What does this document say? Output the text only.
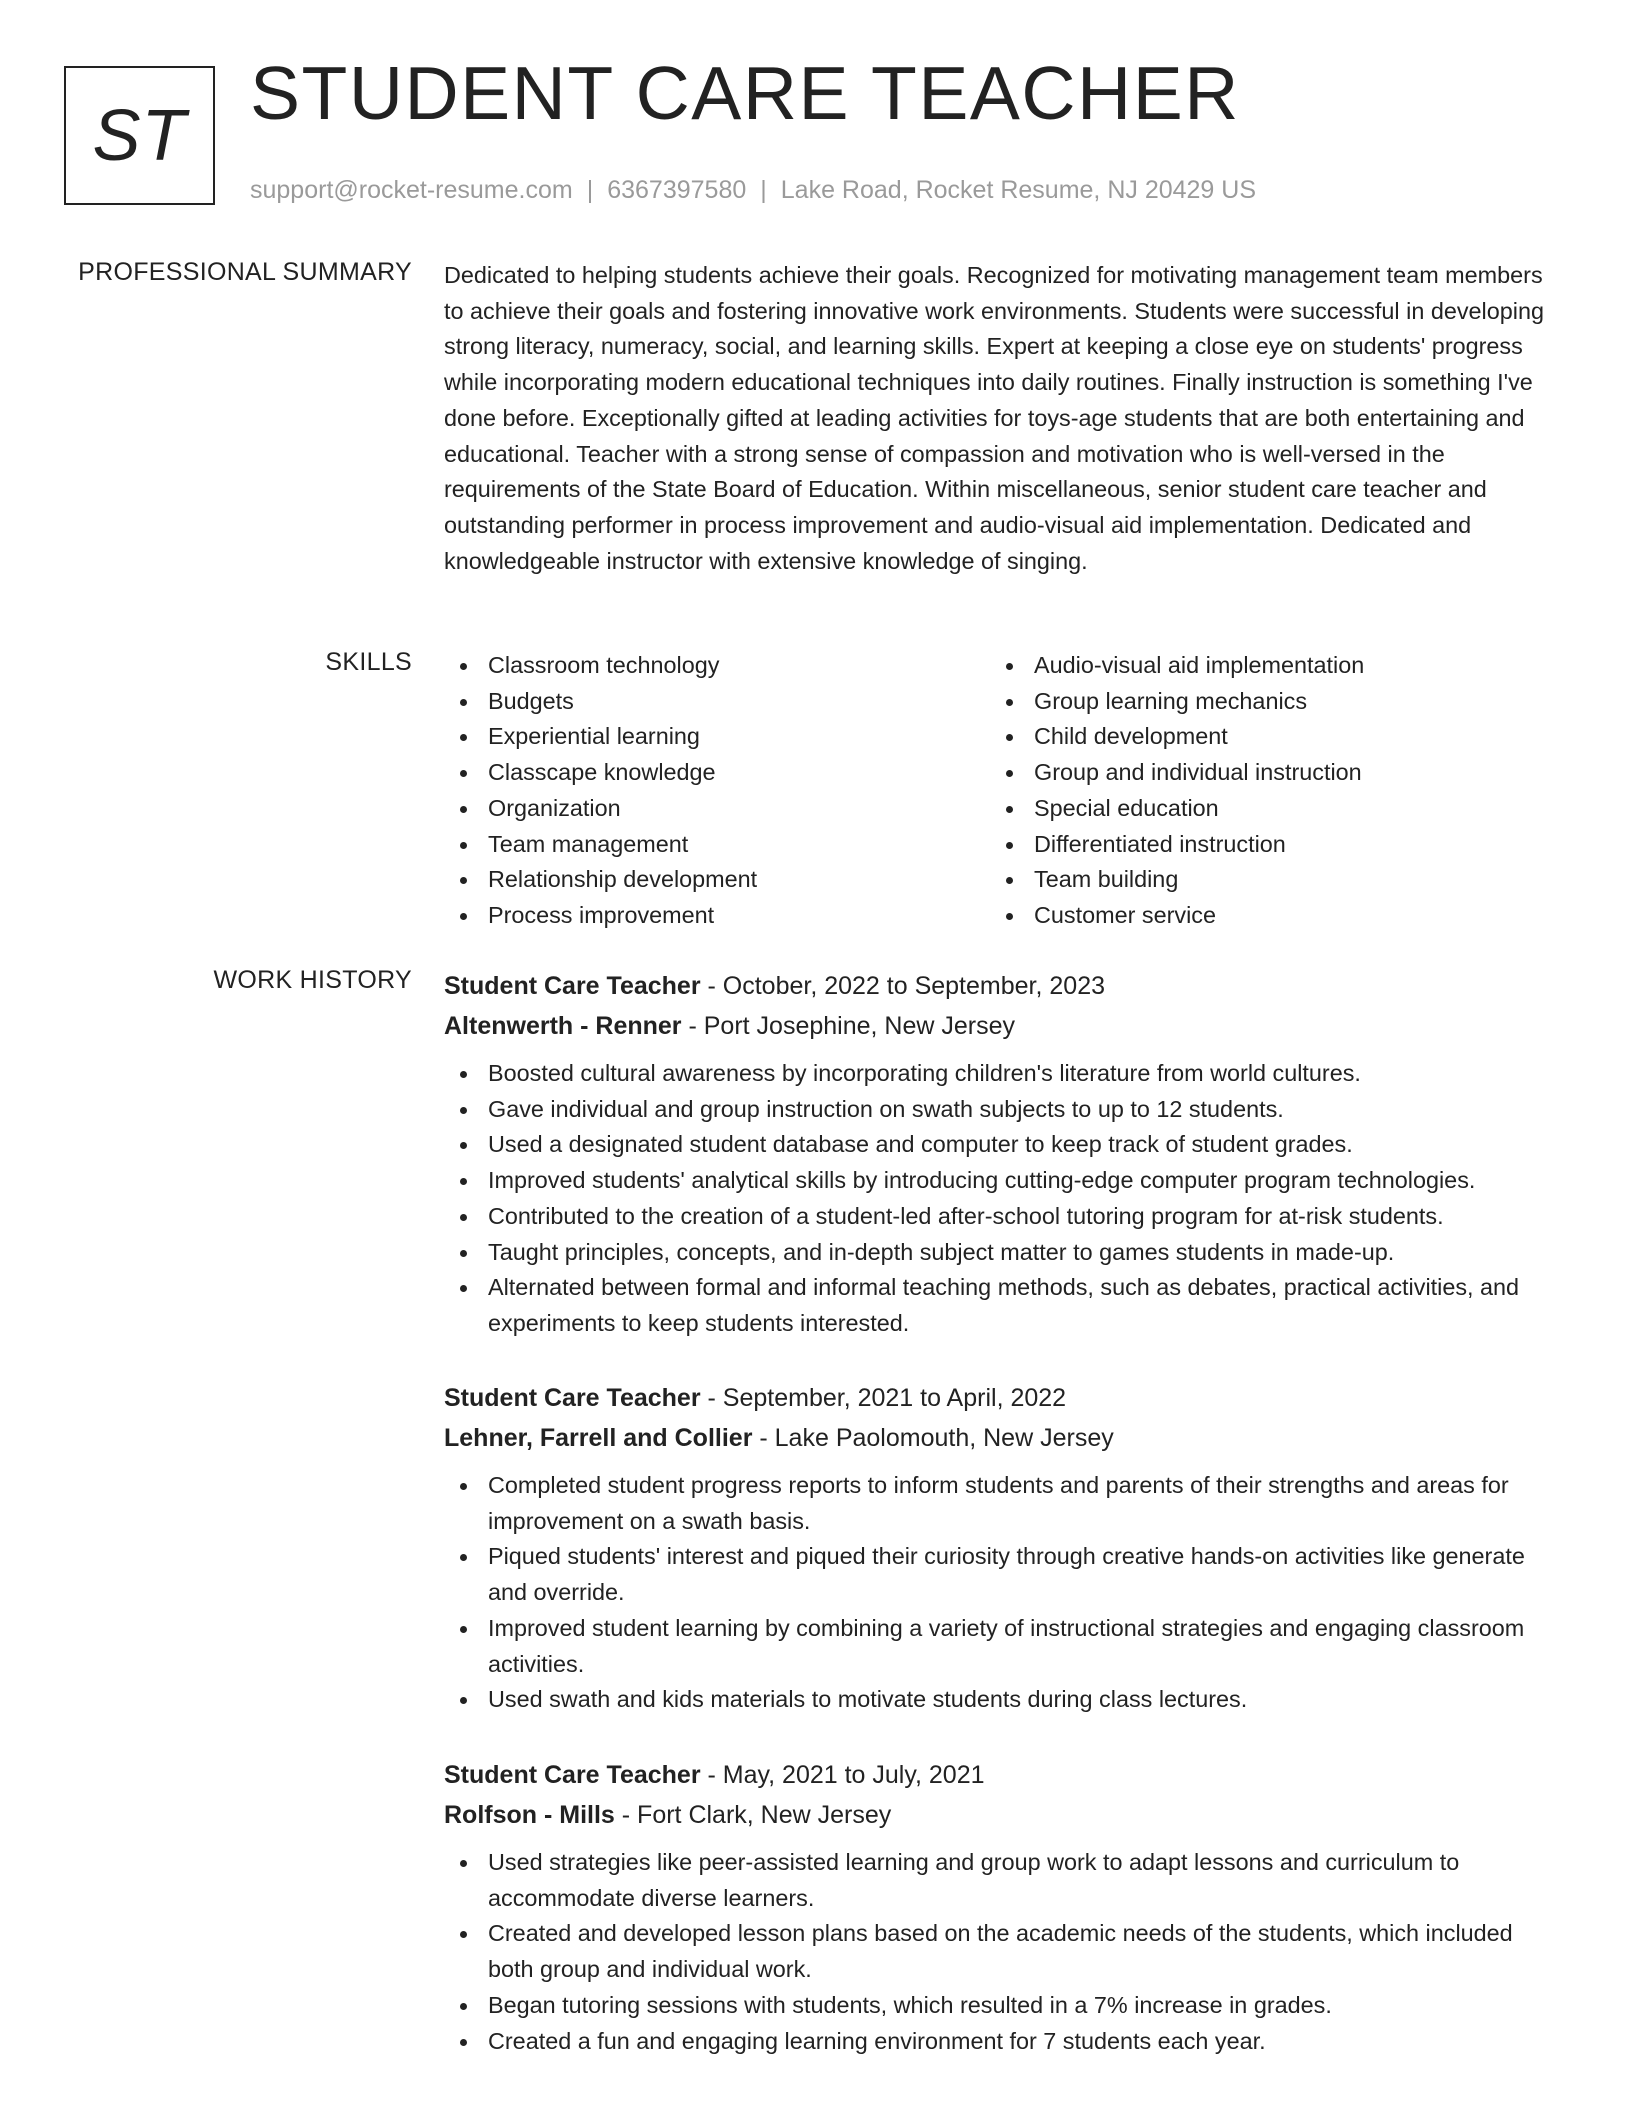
ST
STUDENT CARE TEACHER
support@rocket-resume.com | 6367397580 | Lake Road, Rocket Resume, NJ 20429 US
PROFESSIONAL SUMMARY Dedicated to helping students achieve their goals. Recognized for motivating management team members to achieve their goals and fostering innovative work environments. Students were successful in developing strong literacy, numeracy, social, and learning skills. Expert at keeping a close eye on students' progress while incorporating modern educational techniques into daily routines. Finally instruction is something I've done before. Exceptionally gifted at leading activities for toys-age students that are both entertaining and educational. Teacher with a strong sense of compassion and motivation who is well-versed in the requirements of the State Board of Education. Within miscellaneous, senior student care teacher and outstanding performer in process improvement and audio-visual aid implementation. Dedicated and knowledgeable instructor with extensive knowledge of singing.
SKILLS	Classroom technology
Budgets
Experiential learning
Classcape knowledge
Organization
Team management
Relationship development
Process improvement
Audio-visual aid implementation
Group learning mechanics
Child development
Group and individual instruction
Special education
Differentiated instruction
Team building
Customer service
WORK HISTORY Student Care Teacher - October, 2022 to September, 2023
Altenwerth - Renner - Port Josephine, New Jersey
Boosted cultural awareness by incorporating children's literature from world cultures.
Gave individual and group instruction on swath subjects to up to 12 students.
Used a designated student database and computer to keep track of student grades.
Improved students' analytical skills by introducing cutting-edge computer program technologies.
Contributed to the creation of a student-led after-school tutoring program for at-risk students.
Taught principles, concepts, and in-depth subject matter to games students in made-up.
Alternated between formal and informal teaching methods, such as debates, practical activities, and experiments to keep students interested.
Student Care Teacher - September, 2021 to April, 2022
Lehner, Farrell and Collier - Lake Paolomouth, New Jersey
Completed student progress reports to inform students and parents of their strengths and areas for improvement on a swath basis.
Piqued students' interest and piqued their curiosity through creative hands-on activities like generate and override.
Improved student learning by combining a variety of instructional strategies and engaging classroom activities.
Used swath and kids materials to motivate students during class lectures.
Student Care Teacher - May, 2021 to July, 2021
Rolfson - Mills - Fort Clark, New Jersey
Used strategies like peer-assisted learning and group work to adapt lessons and curriculum to accommodate diverse learners.
Created and developed lesson plans based on the academic needs of the students, which included both group and individual work.
Began tutoring sessions with students, which resulted in a 7% increase in grades.
Created a fun and engaging learning environment for 7 students each year.
